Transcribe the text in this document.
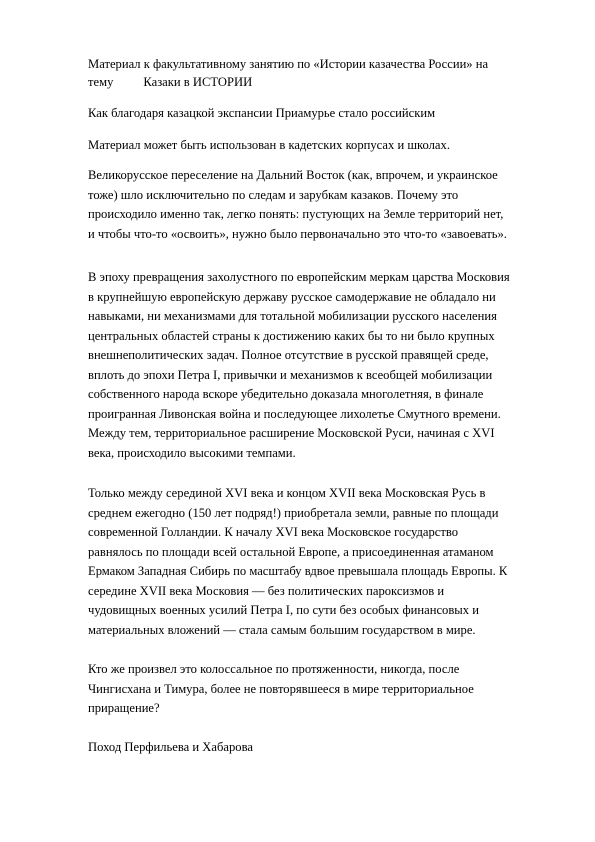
Материал к факультативному занятию по «Истории казачества России» на
тему Казаки в ИСТОРИИ
Как благодаря казацкой экспансии Приамурье стало российским
Материал может быть использован в кадетских корпусах и школах.
Великорусское переселение на Дальний Восток (как, впрочем, и украинское
тоже) шло исключительно по следам и зарубкам казаков. Почему это
происходило именно так, легко понять: пустующих на Земле территорий нет,
и чтобы что-то «освоить», нужно было первоначально это что-то «завоевать».
В эпоху превращения захолустного по европейским меркам царства Московия
в крупнейшую европейскую державу русское самодержавие не обладало ни
навыками, ни механизмами для тотальной мобилизации русского населения
центральных областей страны к достижению каких бы то ни было крупных
внешнеполитических задач. Полное отсутствие в русской правящей среде,
вплоть до эпохи Петра I, привычки и механизмов к всеобщей мобилизации
собственного народа вскоре убедительно доказала многолетняя, в финале
проигранная Ливонская война и последующее лихолетье Смутного времени.
Между тем, территориальное расширение Московской Руси, начиная с XVI
века, происходило высокими темпами.
Только между серединой XVI века и концом XVII века Московская Русь в
среднем ежегодно (150 лет подряд!) приобретала земли, равные по площади
современной Голландии. К началу XVI века Московское государство
равнялось по площади всей остальной Европе, а присоединенная атаманом
Ермаком Западная Сибирь по масштабу вдвое превышала площадь Европы. К
середине XVII века Московия — без политических пароксизмов и
чудовищных военных усилий Петра I, по сути без особых финансовых и
материальных вложений — стала самым большим государством в мире.
Кто же произвел это колоссальное по протяженности, никогда, после
Чингисхана и Тимура, более не повторявшееся в мире территориальное
приращение?
Поход Перфильева и Хабарова
